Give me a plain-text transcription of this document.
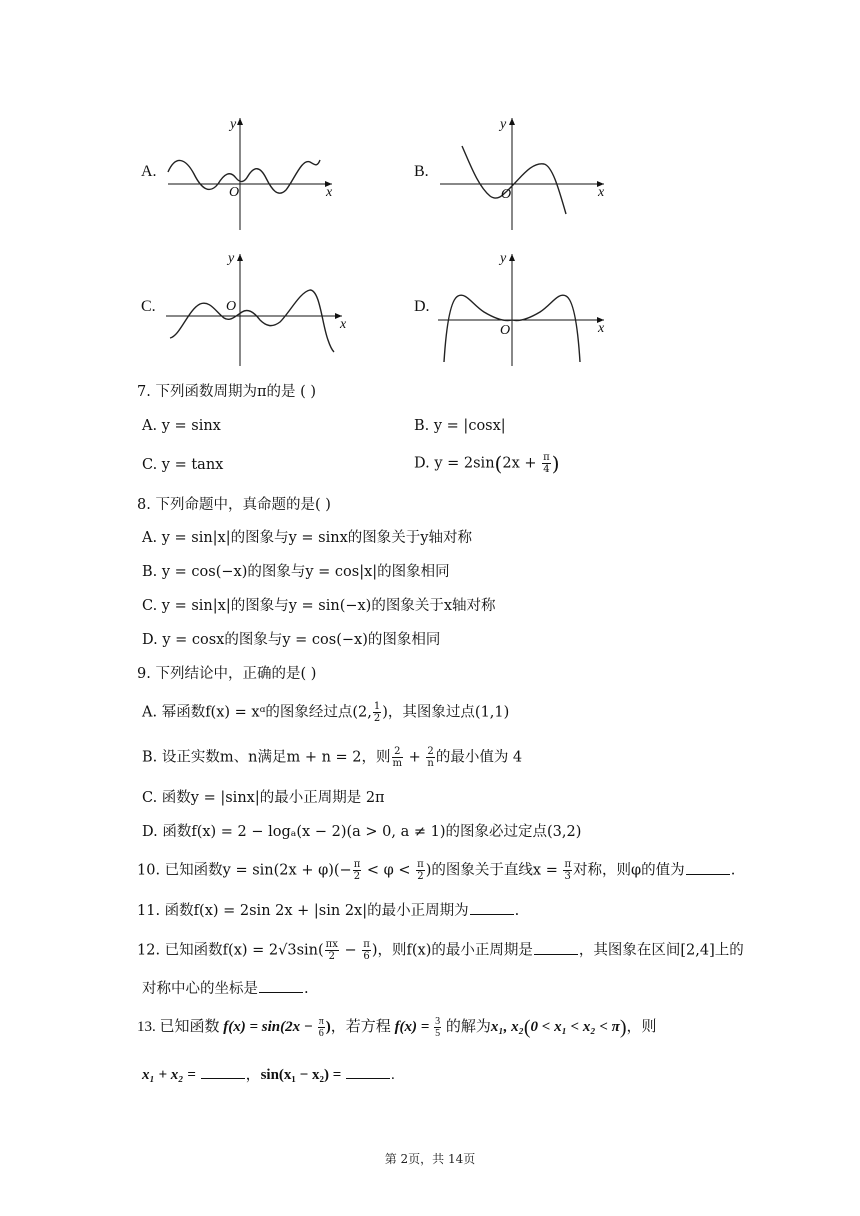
y
x
O
A.
y
x
O
B.
y
x
O
C.
y
x
O
D.
7. 下列函数周期为π的是 ( )
A. y = sinx	B. y = |cosx|
C. y = tanx	D. $y = 2\sin(2x + \frac{\pi}{4}$ )
8. 下列命题中，真命题的是( )
A. y = sin|x|的图象与y = sinx的图象关于y轴对称
B. y = cos(−x)的图象与y = cos|x|的图象相同
C. y = sin|x|的图象与y = sin(−x)的图象关于x轴对称
D. y = cosx的图象与y = cos(−x)的图象相同
9. 下列结论中，正确的是( )
A. 幂函数f(x) = xᵅ的图象经过点(2, $\frac{1}{2}$ )，其图象过点(1,1)
B. 设正实数m、n满足m + n = 2，则 $\frac{2}{m} + \frac{2}{n}$ 的最小值为 4
C. 函数y = |sinx|的最小正周期是 2π
D. 函数f(x) = 2 − logₐ(x − 2)(a > 0, a ≠ 1)的图象必过定点(3,2)
10. 已知函数$y = \sin(2x + \varphi)(- \frac{\pi}{2} < \varphi < \frac{\pi}{2}$ )的图象关于直线$x = \frac{\pi}{3}$ 对称，则φ的值为	.
11. 函数f(x) = 2sin 2x + |sin 2x|的最小正周期为	.
12. 已知函数$f(x) = 2√3\sin( \frac{\pi x}{2} - \frac{\pi}{6}$ )，则f(x)的最小正周期是	，其图象在区间[2,4]上的
对称中心的坐标是	.
13. 已知函数 $f(x) = \sin(2x - \frac{\pi}{6}$ )，若方程 $f(x) = \frac{3}{5}$ 的解为x₁, x₂(0 < x₁ < x₂ < π)，则
x₁ + x₂ =	，sin(x₁ − x₂) =	.
第 2页，共 14页
